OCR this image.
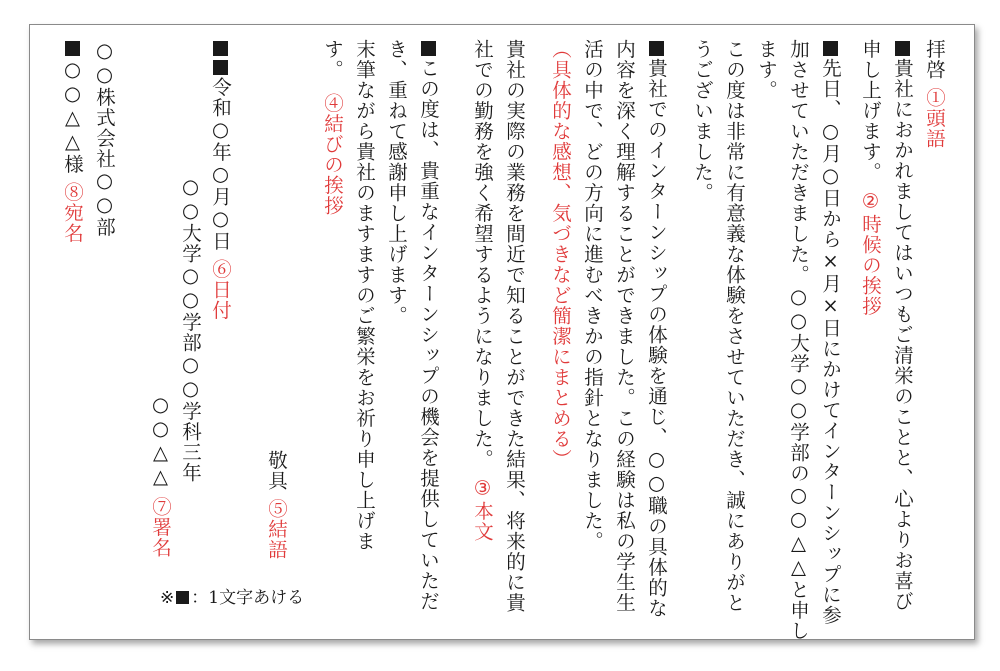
拝啓 ①頭語
貴社におかれましてはいつもご清栄のことと、心よりお喜び
申し上げます。 ②時候の挨拶
先日、○月○日から×月×日にかけてインターンシップに参
加させていただきました。○○大学○○学部の○○△△と申し
ます。
この度は非常に有意義な体験をさせていただき、誠にありがと
うございました。
貴社でのインターンシップの体験を通じ、○○職の具体的な
内容を深く理解することができました。この経験は私の学生生
活の中で、どの方向に進むべきかの指針となりました。
（具体的な感想、気づきなど簡潔にまとめる）
貴社の実際の業務を間近で知ることができた結果、将来的に貴
社での勤務を強く希望するようになりました。 ③本文
この度は、貴重なインターンシップの機会を提供していただ
き、重ねて感謝申し上げます。
末筆ながら貴社のますますのご繁栄をお祈り申し上げま
す。
④結びの挨拶
敬具 ⑤結語
令和○年○月○日 ⑥日付
○○大学○○学部○○学科三年
○○△△ ⑦署名
○○株式会社○○部
○○△△様 ⑧宛名
※ ：1文字あける
